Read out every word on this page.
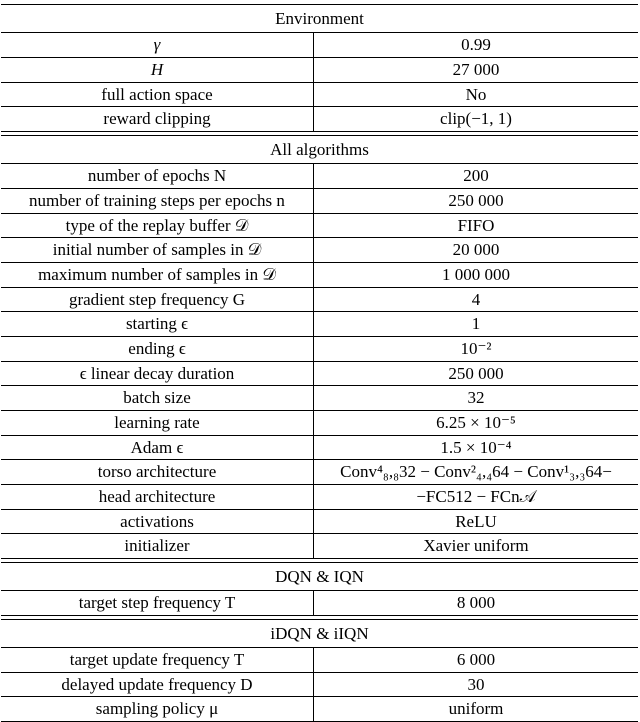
Environment
γ	0.99
H	27 000
full action space	No
reward clipping	clip(−1, 1)
All algorithms
number of epochs N	200
number of training steps per epochs n	250 000
type of the replay buffer 𝒟	FIFO
initial number of samples in 𝒟	20 000
maximum number of samples in 𝒟	1 000 000
gradient step frequency G	4
starting ϵ	1
ending ϵ	10⁻²
ϵ linear decay duration	250 000
batch size	32
learning rate	6.25 × 10⁻⁵
Adam ϵ	1.5 × 10⁻⁴
torso architecture	Conv⁴₈,₈32 − Conv²₄,₄64 − Conv¹₃,₃64−
head architecture	−FC512 − FCn𝒜
activations	ReLU
initializer	Xavier uniform
DQN & IQN
target step frequency T	8 000
iDQN & iIQN
target update frequency T	6 000
delayed update frequency D	30
sampling policy μ	uniform
